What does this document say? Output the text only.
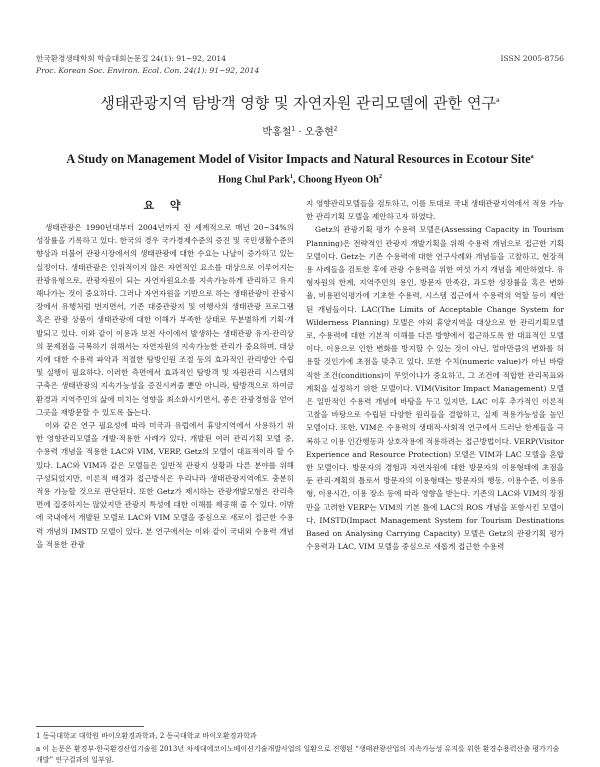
한국환경생태학회 학술대회논문집 24(1): 91~92, 2014	ISSN 2005-8756
Proc. Korean Soc. Environ. Ecol. Con. 24(1): 91~92, 2014
생태관광지역 탐방객 영향 및 자연자원 관리모델에 관한 연구$^a$
박홍철$^1$ · 오충현$^2$
A Study on Management Model of Visitor Impacts and Natural Resources in Ecotour Site$^a$
Hong Chul Park$^1$, Choong Hyeon Oh$^2$
요 약

생태관광은 1990년대부터 2004년까지 전 세계적으로 매년 20~34%의 성장률을 기록하고 있다. 한국의 경우 국가경제수준의 증진 및 국민생활수준의 향상과 더불어 관광시장에서의 생태관광에 대한 수요는 나날이 증가하고 있는 실정이다. 생태관광은 인위적이지 않은 자연적인 요소를 대상으로 이루어지는 관광유형으로, 관광자원이 되는 자연자원요소를 지속가능하게 관리하고 유지해나가는 것이 중요하다. 그러나 자연자원을 기반으로 하는 생태관광이 관광시장에서 유행처럼 번지면서, 기존 대중관광지 및 여행사의 생태관광 프로그램 혹은 관광 상품이 생태관광에 대한 이해가 부족한 상태로 무분별하게 기획·개발되고 있다. 이와 같이 이용과 보전 사이에서 발생하는 생태관광 유지·관리상의 문제점을 극복하기 위해서는 자연자원의 지속가능한 관리가 중요하며, 대상지에 대한 수용력 파악과 적절한 탐방인원 조절 등의 효과적인 관리방안 수립 및 실행이 필요하다. 이러한 측면에서 효과적인 탐방객 및 자원관리 시스템의 구축은 생태관광의 지속가능성을 증진시켜줄 뿐만 아니라, 탐방객으로 하여금 환경과 지역주민의 삶에 미치는 영향을 최소화시키면서, 좋은 관광경험을 얻어 그곳을 재방문할 수 있도록 돕는다.

이와 같은 연구 필요성에 따라 미국과 유럽에서 휴양지역에서 사용하기 위한 영향관리모델을 개발·적용한 사례가 있다. 개발된 여러 관리기획 모델 중, 수용력 개념을 적용한 LAC와 VIM, VERP, Getz의 모델이 대표적이라 할 수 있다. LAC와 VIM과 같은 모델들은 일반적 관광지 상황과 다른 분야를 위해 구성되었지만, 이론적 배경과 접근방식은 우리나라 생태관광지역에도 충분히 적용 가능할 것으로 판단된다. 또한 Getz가 제시하는 관광개발모형은 관리측면에 집중하지는 않았지만 관광지 특성에 대한 이해를 제공해 줄 수 있다. 이밖에 국내에서 개발된 모델로 LAC와 VIM 모델을 중심으로 새로이 접근한 수용력 개념의 IMSTD 모델이 있다. 본 연구에서는 이와 같이 국내외 수용력 개념을 적용한 관광

지 영향관리모델들을 검토하고, 이를 토대로 국내 생태관광지역에서 적용 가능한 관리기획 모델을 제안하고자 하였다.

Getz의 관광기획 평가 수용력 모델은(Assessing Capacity in Tourism Planning)은 전략적인 관광지 개발기획을 위해 수용력 개념으로 접근한 기획모델이다. Getz는 기존 수용력에 대한 연구사례와 개념들을 고찰하고, 현장적용 사례들을 검토한 후에 관광 수용력을 위한 여섯 가지 개념을 제안하였다. 유형자원의 한계, 지역주민의 용인, 방문자 만족감, 과도한 성장률을 혹은 변화율, 비용편익평가에 기초한 수용력, 시스템 접근에서 수용력의 역할 등이 제안된 개념들이다. LAC(The Limits of Acceptable Change System for Wilderness Planning) 모델은 야외 휴양지역을 대상으로 한 관리기획모델로, 수용력에 대한 기본적 이해를 다른 방향에서 접근하도록 한 대표적인 모델이다. 이용으로 인한 변화를 방지할 수 있는 것이 아닌, 얼마만큼의 변화를 허용할 것인가에 초점을 맞추고 있다. 또한 수치(numeric value)가 아닌 바람직한 조건(conditions)이 무엇이냐가 중요하고, 그 조건에 적합한 관리목표와 계획을 설정하기 위한 모델이다. VIM(Visitor Impact Management) 모델은 일반적인 수용력 개념에 바탕을 두고 있지만, LAC 이후 추가적인 이론적 고찰을 바탕으로 수립된 다양한 원리들을 결합하고, 실제 적용가능성을 높인 모델이다. 또한, VIM은 수용력의 생태적·사회적 연구에서 드러난 한계들을 극복하고 이용 인간행동과 상호작용에 적용하려는 접근방법이다. VERP(Visitor Experience and Resource Protection) 모델은 VIM과 LAC 모델을 혼합한 모델이다. 방문자의 경험과 자연자원에 대한 방문자의 이용형태에 초점을 둔 관리·계획의 틀로서 방문자의 이용형태는 방문자의 행동, 이용수준, 이용유형, 이용시간, 이용 장소 등에 따라 영향을 받는다. 기존의 LAC와 VIM의 장점만을 고려한 VERP는 VIM의 기본 틀에 LAC의 ROS 개념을 포함시킨 모델이다. IMSTD(Impact Management System for Tourism Destinations Based on Analysing Carrying Capacity) 모델은 Getz의 관광기획 평가 수용력과 LAC, VIM 모델을 중심으로 새롭게 접근한 수용력

1 동국대학교 대학원 바이오환경과학과, 2 동국대학교 바이오환경과학과
a 이 논문은 환경부·한국환경산업기술원 2013년 차세대에코이노베이션기술개발사업의 일환으로 진행된 “생태관광산업의 지속가능성 유지를 위한 환경수용력산출 평가기술개발” 연구결과의 일부임.
